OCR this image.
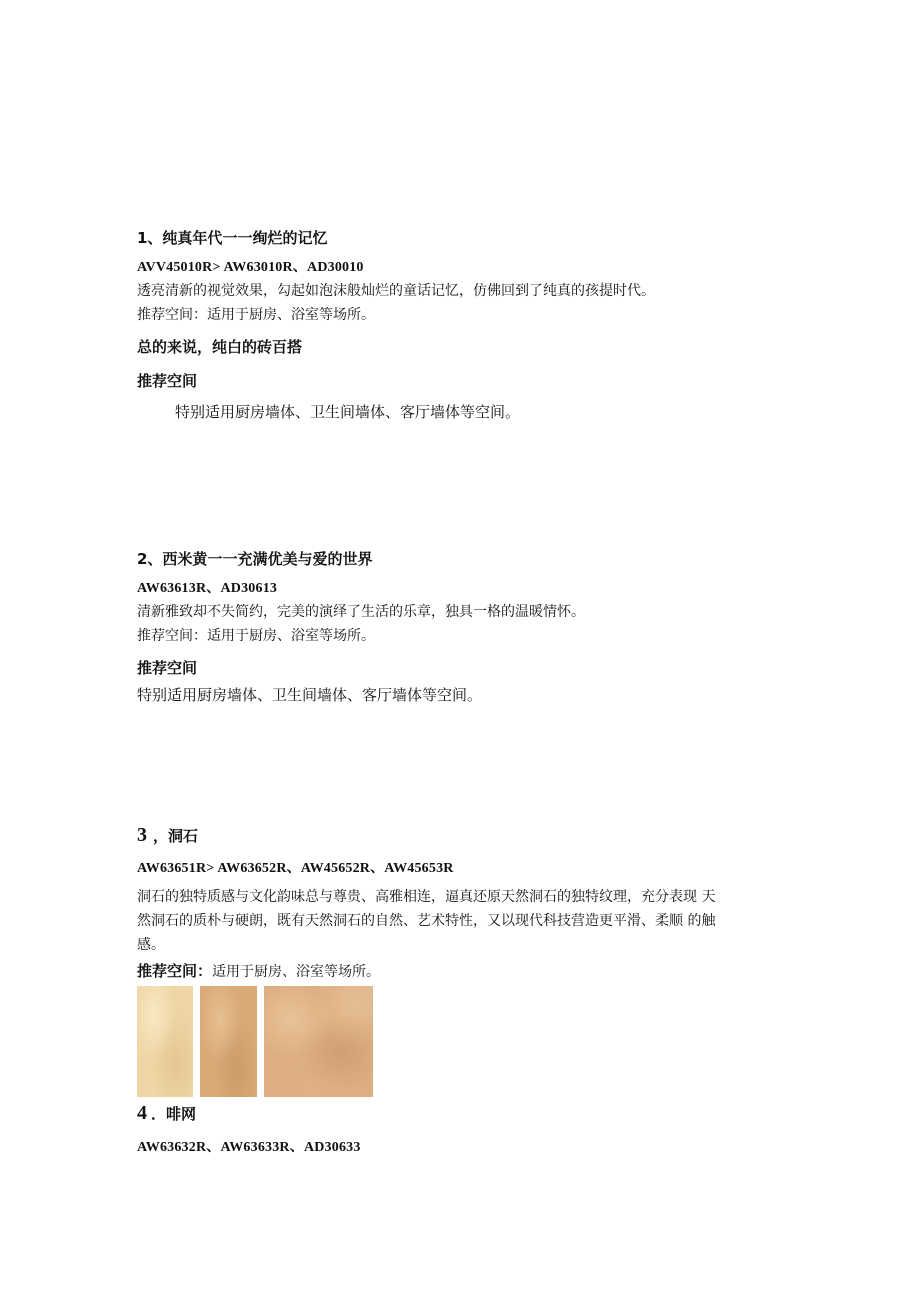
1、纯真年代一一绚烂的记忆
AVV45010R> AW63010R、AD30010
透亮清新的视觉效果，勾起如泡沫般灿烂的童话记忆，仿佛回到了纯真的孩提时代。
推荐空间：适用于厨房、浴室等场所。
总的来说，纯白的砖百搭
推荐空间
特别适用厨房墙体、卫生间墙体、客厅墙体等空间。
2、西米黄一一充满优美与爱的世界
AW63613R、AD30613
清新雅致却不失简约，完美的演绎了生活的乐章，独具一格的温暖情怀。
推荐空间：适用于厨房、浴室等场所。
推荐空间
特别适用厨房墙体、卫生间墙体、客厅墙体等空间。
3 ，洞石
AW63651R> AW63652R、AW45652R、AW45653R
洞石的独特质感与文化韵味总与尊贵、高雅相连，逼真还原天然洞石的独特纹理，充分表现 天
然洞石的质朴与硬朗，既有天然洞石的自然、艺术特性，又以现代科技营造更平滑、柔顺 的触
感。
推荐空间：适用于厨房、浴室等场所。
4 ．啡网
AW63632R、AW63633R、AD30633
